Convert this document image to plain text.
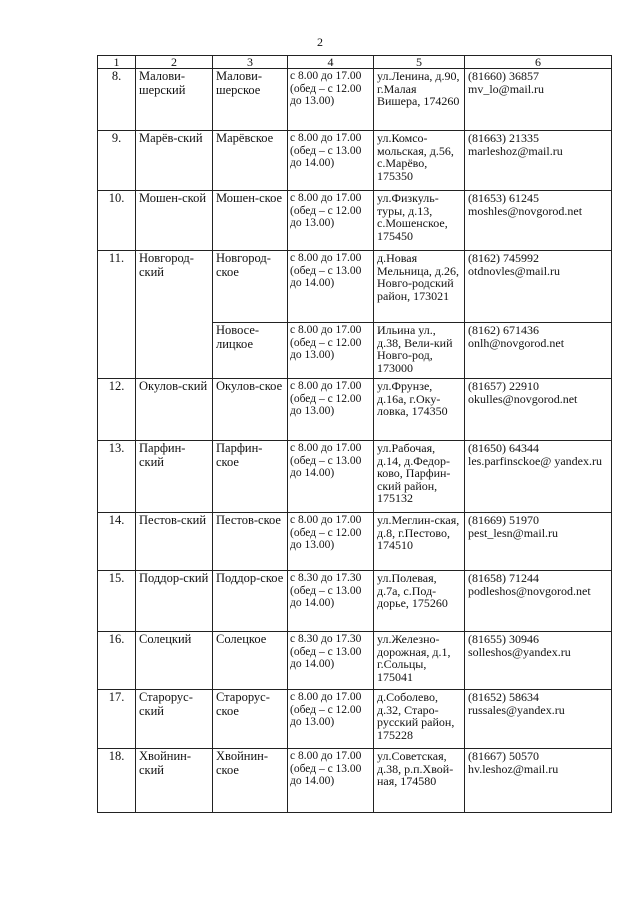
2
1	2	3	4	5	6
8.	Малови-шерский	Малови-шерское	с 8.00 до 17.00 (обед – с 12.00 до 13.00)	ул.Ленина, д.90, г.Малая Вишера, 174260	(81660) 36857 mv_lo@mail.ru
9.	Марёв-ский	Марёвское	с 8.00 до 17.00 (обед – с 13.00 до 14.00)	ул.Комсо-мольская, д.56, с.Марёво, 175350	(81663) 21335 marleshoz@mail.ru
10.	Мошен-ской	Мошен-ское	с 8.00 до 17.00 (обед – с 12.00 до 13.00)	ул.Физкуль-туры, д.13, с.Мошенское, 175450	(81653) 61245 moshles@novgorod.net
11.	Новгород-ский	Новгород-ское	с 8.00 до 17.00 (обед – с 13.00 до 14.00)	д.Новая Мельница, д.26, Новго-родский район, 173021	(8162) 745992 otdnovles@mail.ru
		Новосе-лицкое	с 8.00 до 17.00 (обед – с 12.00 до 13.00)	Ильина ул., д.38, Вели-кий Новго-род, 173000	(8162) 671436 onlh@novgorod.net
12.	Окулов-ский	Окулов-ское	с 8.00 до 17.00 (обед – с 12.00 до 13.00)	ул.Фрунзе, д.16а, г.Оку-ловка, 174350	(81657) 22910 okulles@novgorod.net
13.	Парфин-ский	Парфин-ское	с 8.00 до 17.00 (обед – с 13.00 до 14.00)	ул.Рабочая, д.14, д.Федор-ково, Парфин-ский район, 175132	(81650) 64344 les.parfinsckoe@ yandex.ru
14.	Пестов-ский	Пестов-ское	с 8.00 до 17.00 (обед – с 12.00 до 13.00)	ул.Меглин-ская, д.8, г.Пестово, 174510	(81669) 51970 pest_lesn@mail.ru
15.	Поддор-ский	Поддор-ское	с 8.30 до 17.30 (обед – с 13.00 до 14.00)	ул.Полевая, д.7а, с.Под-дорье, 175260	(81658) 71244 podleshos@novgorod.net
16.	Солецкий	Солецкое	с 8.30 до 17.30 (обед – с 13.00 до 14.00)	ул.Железно-дорожная, д.1, г.Сольцы, 175041	(81655) 30946 solleshos@yandex.ru
17.	Старорус-ский	Старорус-ское	с 8.00 до 17.00 (обед – с 12.00 до 13.00)	д.Соболево, д.32, Старо-русский район, 175228	(81652) 58634 russales@yandex.ru
18.	Хвойнин-ский	Хвойнин-ское	с 8.00 до 17.00 (обед – с 13.00 до 14.00)	ул.Советская, д.38, р.п.Хвой-ная, 174580	(81667) 50570 hv.leshoz@mail.ru
